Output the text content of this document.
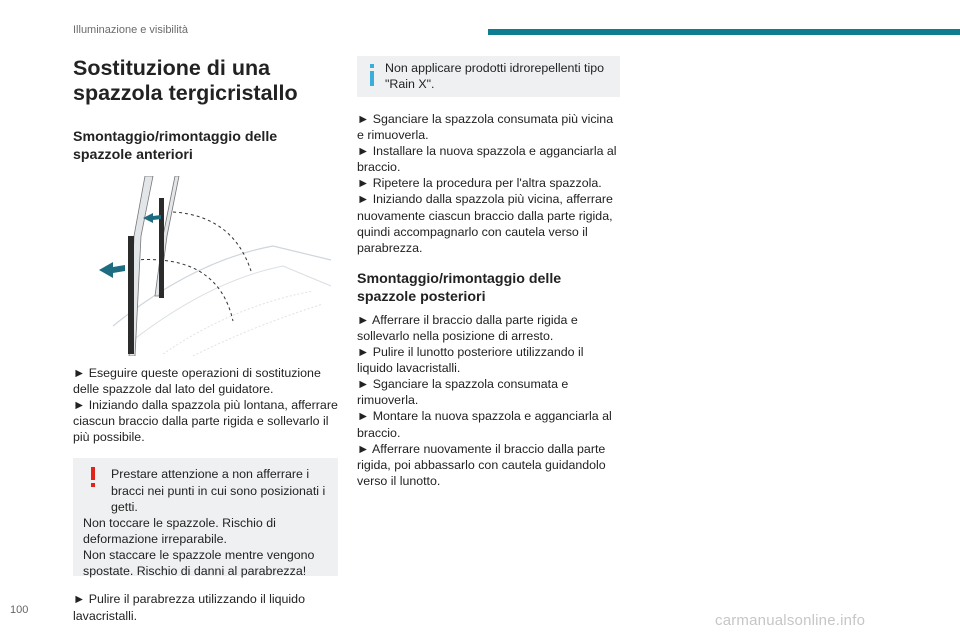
Illuminazione e visibilità
Sostituzione di una spazzola tergicristallo
Smontaggio/rimontaggio delle spazzole anteriori

► Eseguire queste operazioni di sostituzione delle spazzole dal lato del guidatore.

► Iniziando dalla spazzola più lontana, afferrare ciascun braccio dalla parte rigida e sollevarlo il più possibile.

Prestare attenzione a non afferrare i bracci nei punti in cui sono posizionati i getti.

Non toccare le spazzole. Rischio di deformazione irreparabile.

Non staccare le spazzole mentre vengono spostate. Rischio di danni al parabrezza!

► Pulire il parabrezza utilizzando il liquido lavacristalli.

Non applicare prodotti idrorepellenti tipo "Rain X".

► Sganciare la spazzola consumata più vicina e rimuoverla.

► Installare la nuova spazzola e agganciarla al braccio.

► Ripetere la procedura per l'altra spazzola.

► Iniziando dalla spazzola più vicina, afferrare nuovamente ciascun braccio dalla parte rigida, quindi accompagnarlo con cautela verso il parabrezza.

Smontaggio/rimontaggio delle spazzole posteriori

► Afferrare il braccio dalla parte rigida e sollevarlo nella posizione di arresto.

► Pulire il lunotto posteriore utilizzando il liquido lavacristalli.

► Sganciare la spazzola consumata e rimuoverla.

► Montare la nuova spazzola e agganciarla al braccio.

► Afferrare nuovamente il braccio dalla parte rigida, poi abbassarlo con cautela guidandolo verso il lunotto.

100
carmanualsonline.info
